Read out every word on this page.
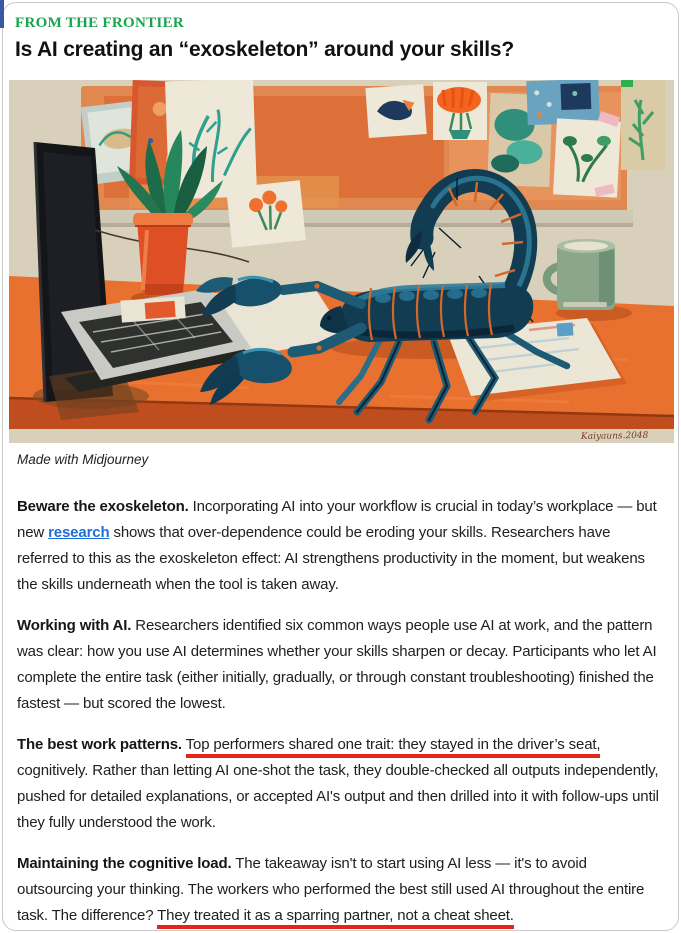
FROM THE FRONTIER
Is AI creating an “exoskeleton” around your skills?
Kaiyauns.2048
Made with Midjourney

Beware the exoskeleton. Incorporating AI into your workflow is crucial in today’s workplace — but new research shows that over-dependence could be eroding your skills. Researchers have referred to this as the exoskeleton effect: AI strengthens productivity in the moment, but weakens the skills underneath when the tool is taken away.

Working with AI. Researchers identified six common ways people use AI at work, and the pattern was clear: how you use AI determines whether your skills sharpen or decay. Participants who let AI complete the entire task (either initially, gradually, or through constant troubleshooting) finished the fastest — but scored the lowest.

The best work patterns. Top performers shared one trait: they stayed in the driver’s seat, cognitively. Rather than letting AI one-shot the task, they double-checked all outputs independently, pushed for detailed explanations, or accepted AI's output and then drilled into it with follow-ups until they fully understood the work.

Maintaining the cognitive load. The takeaway isn't to start using AI less — it's to avoid outsourcing your thinking. The workers who performed the best still used AI throughout the entire task. The difference? They treated it as a sparring partner, not a cheat sheet.
